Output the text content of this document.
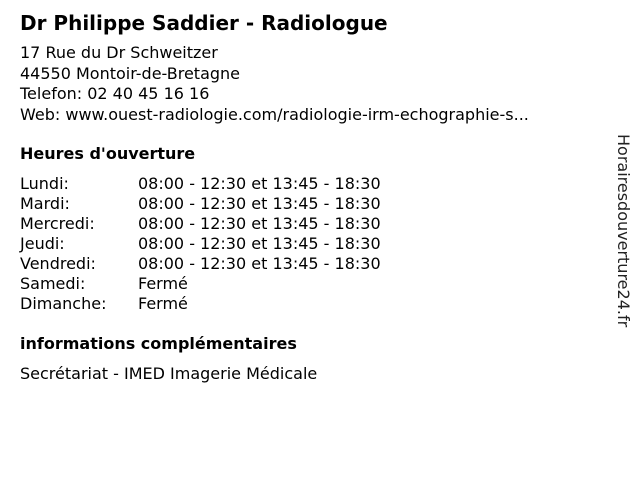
Dr Philippe Saddier - Radiologue
17 Rue du Dr Schweitzer
44550 Montoir-de-Bretagne
Telefon: 02 40 45 16 16
Web: www.ouest-radiologie.com/radiologie-irm-echographie-s...
Heures d'ouverture
Lundi:	08:00 - 12:30 et 13:45 - 18:30
Mardi:	08:00 - 12:30 et 13:45 - 18:30
Mercredi:	08:00 - 12:30 et 13:45 - 18:30
Jeudi:	08:00 - 12:30 et 13:45 - 18:30
Vendredi:	08:00 - 12:30 et 13:45 - 18:30
Samedi:	Fermé
Dimanche: Fermé
informations complémentaires
Secrétariat - IMED Imagerie Médicale
Horairesdouverture24.fr
